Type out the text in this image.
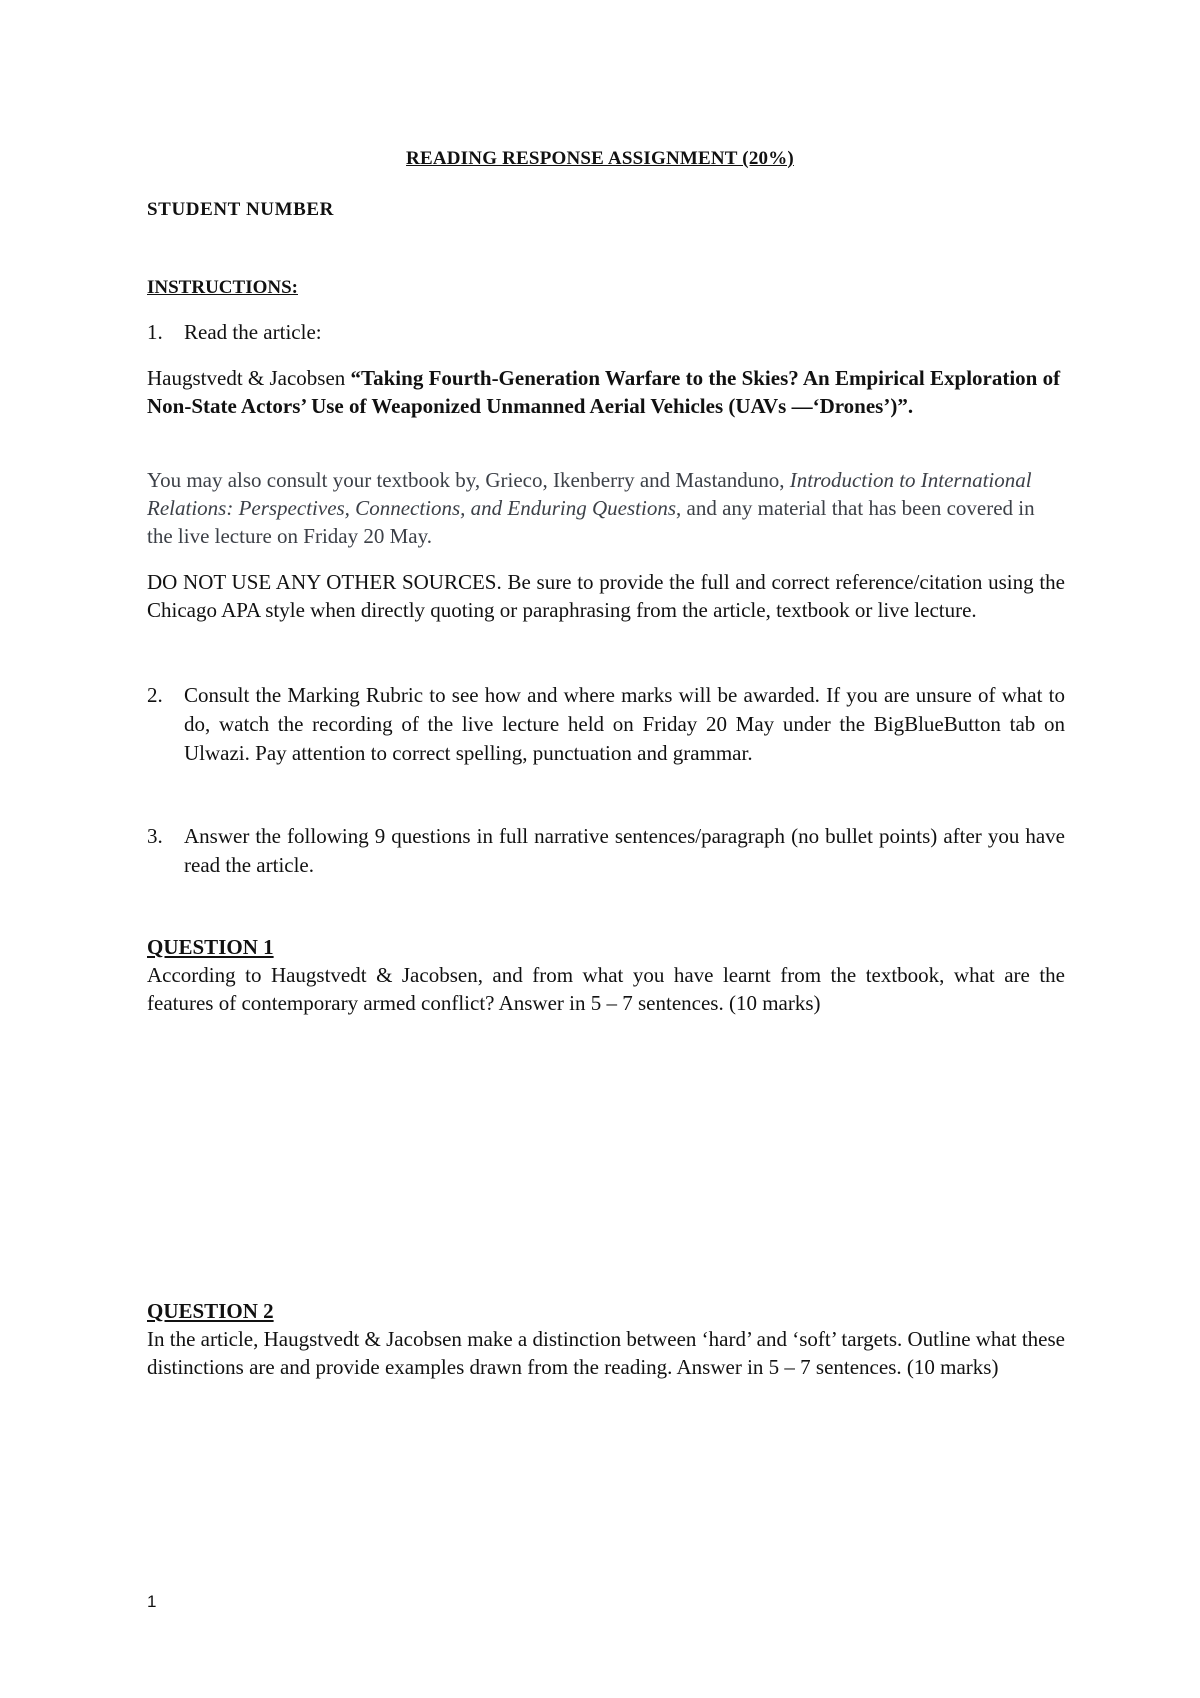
READING RESPONSE ASSIGNMENT (20%)

STUDENT NUMBER

INSTRUCTIONS:

1. Read the article:

Haugstvedt & Jacobsen “Taking Fourth-Generation Warfare to the Skies? An Empirical Exploration of Non-State Actors’ Use of Weaponized Unmanned Aerial Vehicles (UAVs —‘Drones’)”.

You may also consult your textbook by, Grieco, Ikenberry and Mastanduno, Introduction to International Relations: Perspectives, Connections, and Enduring Questions, and any material that has been covered in the live lecture on Friday 20 May.

DO NOT USE ANY OTHER SOURCES. Be sure to provide the full and correct reference/citation using the Chicago APA style when directly quoting or paraphrasing from the article, textbook or live lecture.

2. Consult the Marking Rubric to see how and where marks will be awarded. If you are unsure of what to do, watch the recording of the live lecture held on Friday 20 May under the BigBlueButton tab on Ulwazi. Pay attention to correct spelling, punctuation and grammar.
3. Answer the following 9 questions in full narrative sentences/paragraph (no bullet points) after you have read the article.

QUESTION 1

According to Haugstvedt & Jacobsen, and from what you have learnt from the textbook, what are the features of contemporary armed conflict? Answer in 5 – 7 sentences. (10 marks)

QUESTION 2

In the article, Haugstvedt & Jacobsen make a distinction between ‘hard’ and ‘soft’ targets. Outline what these distinctions are and provide examples drawn from the reading. Answer in 5 – 7 sentences. (10 marks)

1
